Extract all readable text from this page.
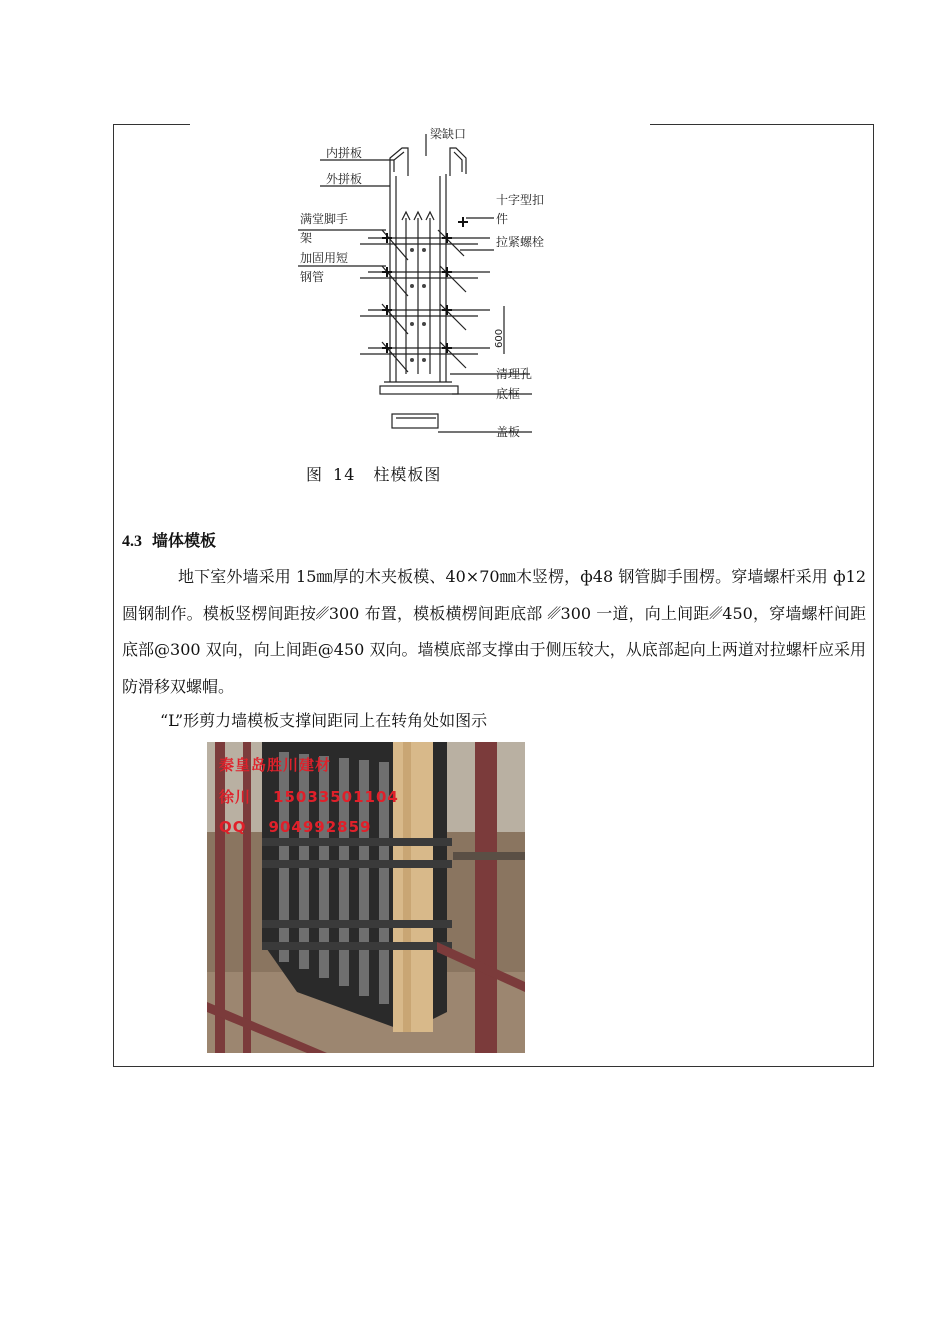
梁缺口
内拼板
外拼板
满堂脚手
架
加固用短
钢管
十字型扣
件
拉紧螺栓
600
清理孔
底框
盖板
图 14 柱模板图
4.3 墙体模板
地下室外墙采用 15㎜厚的木夹板模、40×70㎜木竖楞，ф48 钢管脚手围楞。穿墙螺杆采用 ф12 圆钢制作。模板竖楞间距按␥300 布置，模板横楞间距底部 ␥300 一道，向上间距␥450，穿墙螺杆间距底部@300 双向，向上间距@450 双向。墙模底部支撑由于侧压较大，从底部起向上两道对拉螺杆应采用防滑移双螺帽。
“L”形剪力墙模板支撑间距同上在转角处如图示
秦皇岛胜川建材
徐川 15033501104
QQ 904992859
